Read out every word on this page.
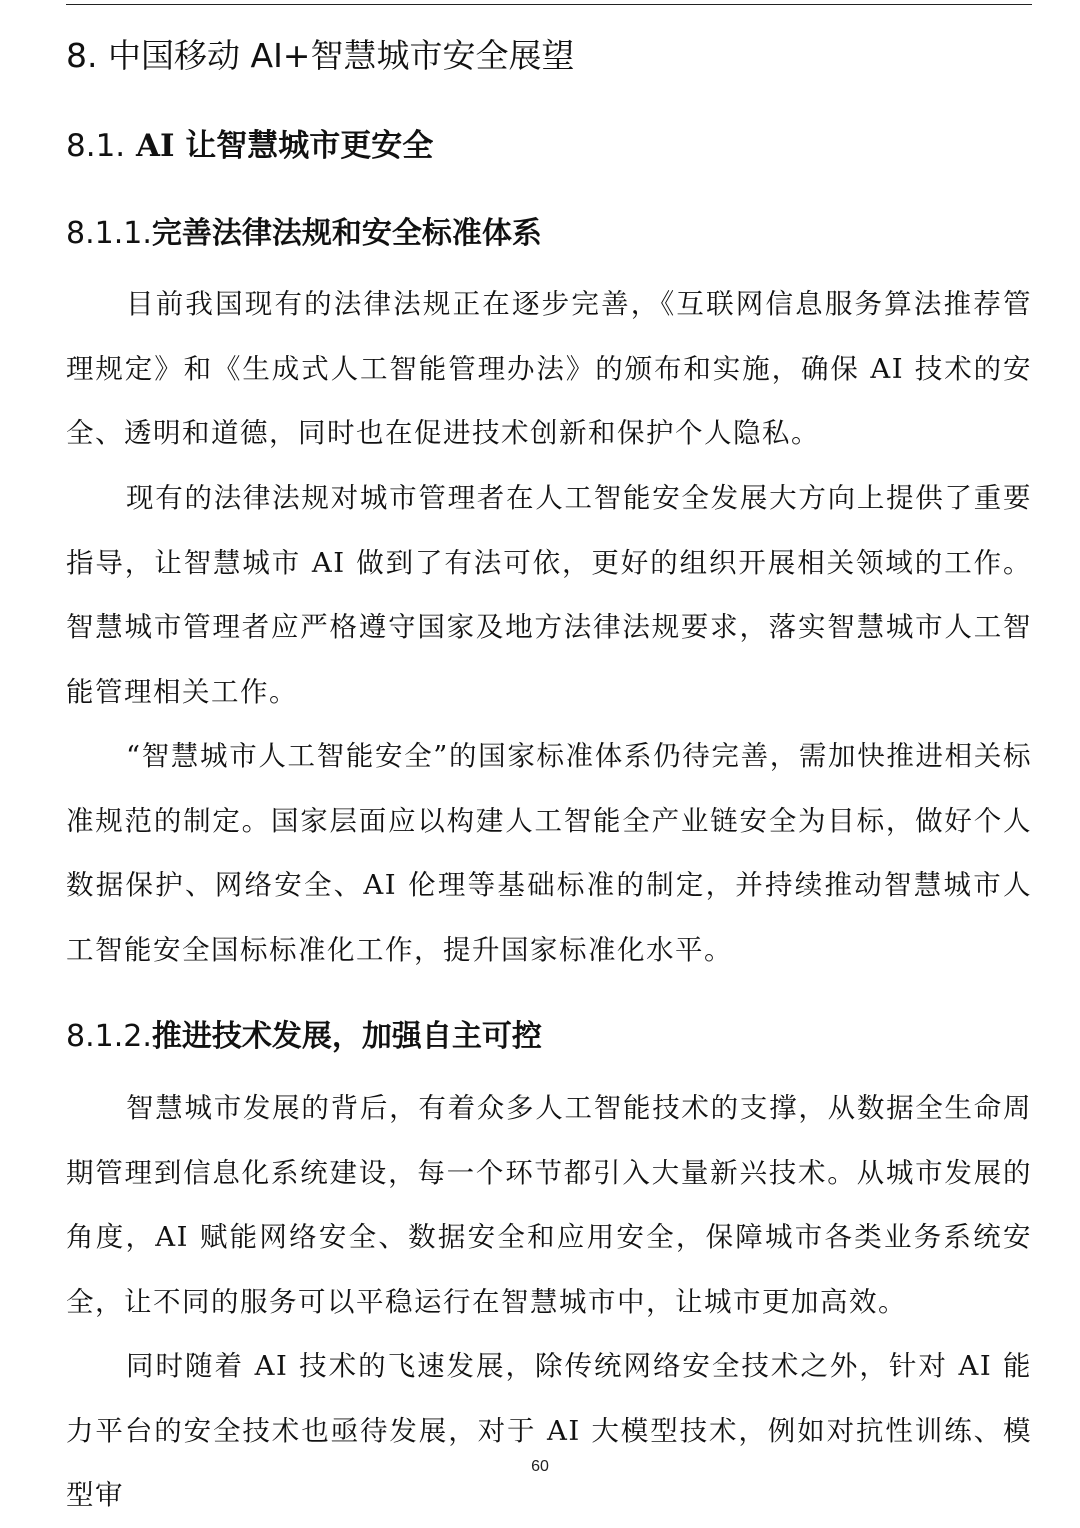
8. 中国移动 AI+智慧城市安全展望
8.1. AI 让智慧城市更安全
8.1.1.完善法律法规和安全标准体系

目前我国现有的法律法规正在逐步完善，《互联网信息服务算法推荐管理规定》和《生成式人工智能管理办法》的颁布和实施，确保 AI 技术的安全、透明和道德，同时也在促进技术创新和保护个人隐私。

现有的法律法规对城市管理者在人工智能安全发展大方向上提供了重要指导，让智慧城市 AI 做到了有法可依，更好的组织开展相关领域的工作。智慧城市管理者应严格遵守国家及地方法律法规要求，落实智慧城市人工智能管理相关工作。

“智慧城市人工智能安全”的国家标准体系仍待完善，需加快推进相关标准规范的制定。国家层面应以构建人工智能全产业链安全为目标，做好个人数据保护、网络安全、AI 伦理等基础标准的制定，并持续推动智慧城市人工智能安全国标标准化工作，提升国家标准化水平。

8.1.2.推进技术发展，加强自主可控

智慧城市发展的背后，有着众多人工智能技术的支撑，从数据全生命周期管理到信息化系统建设，每一个环节都引入大量新兴技术。从城市发展的角度，AI 赋能网络安全、数据安全和应用安全，保障城市各类业务系统安全，让不同的服务可以平稳运行在智慧城市中，让城市更加高效。

同时随着 AI 技术的飞速发展，除传统网络安全技术之外，针对 AI 能力平台的安全技术也亟待发展，对于 AI 大模型技术，例如对抗性训练、模型审

60
